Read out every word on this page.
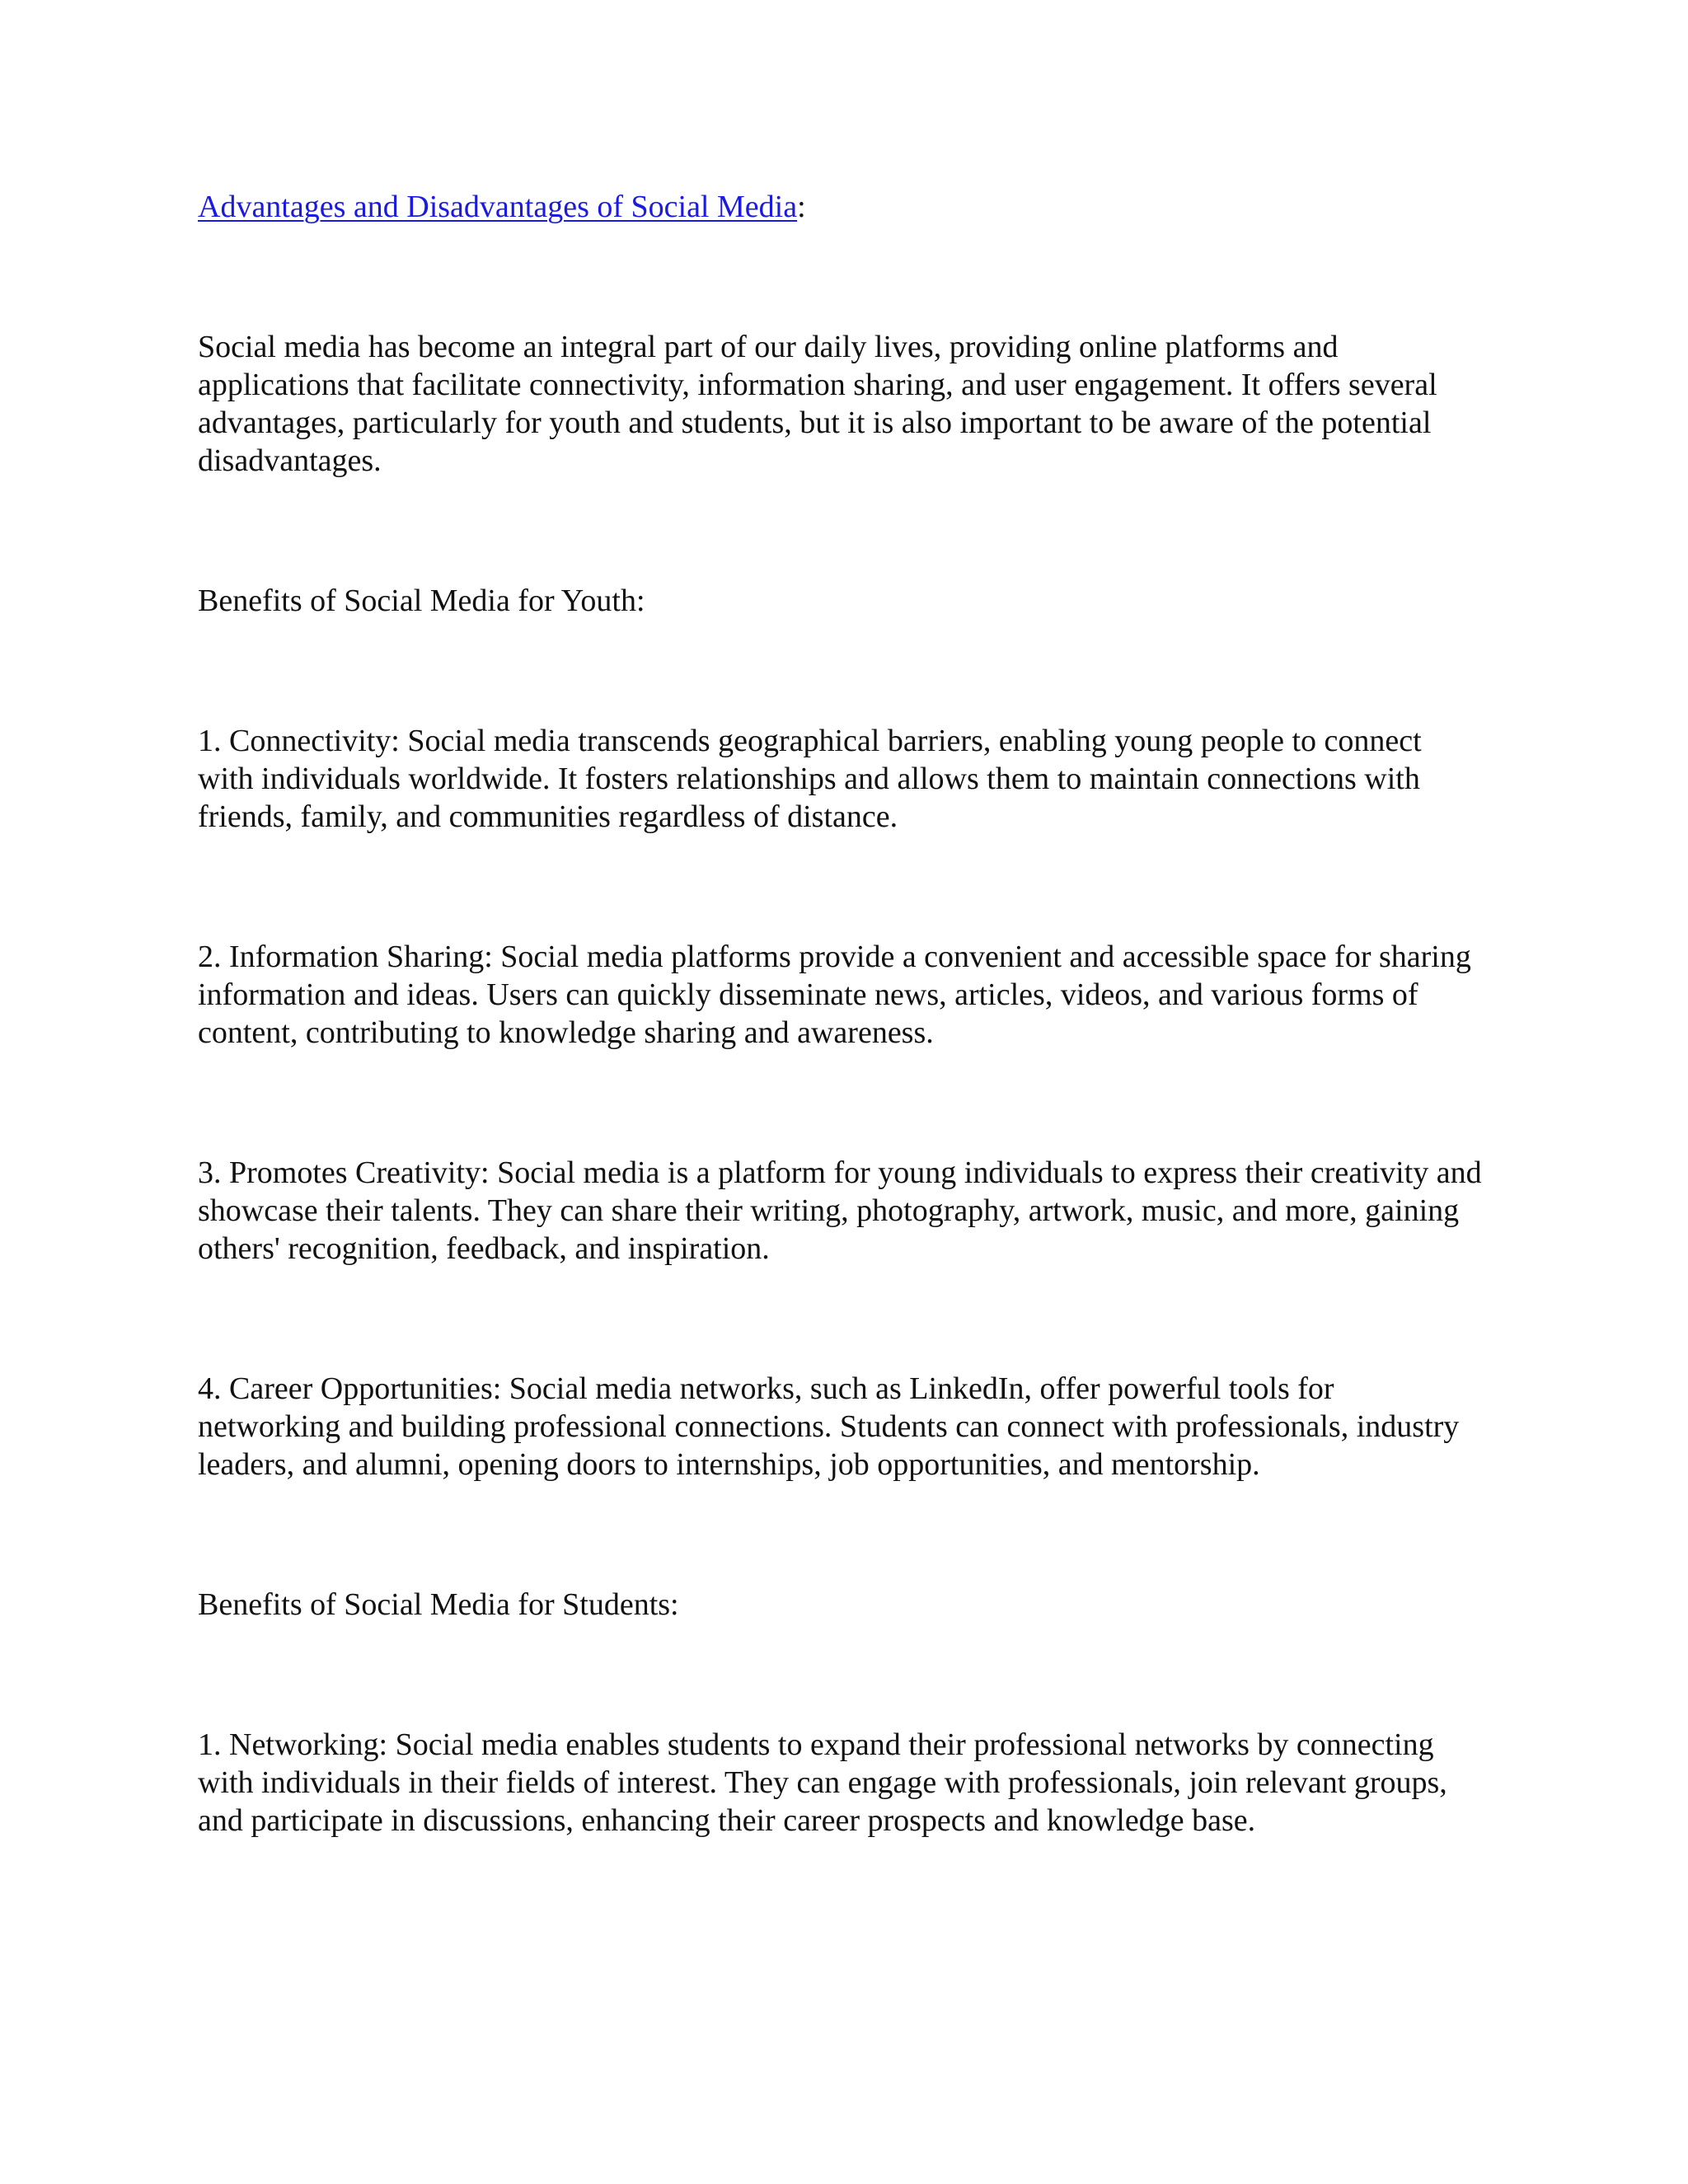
Advantages and Disadvantages of Social Media:

Social media has become an integral part of our daily lives, providing online platforms and applications that facilitate connectivity, information sharing, and user engagement. It offers several advantages, particularly for youth and students, but it is also important to be aware of the potential disadvantages.

Benefits of Social Media for Youth:

1. Connectivity: Social media transcends geographical barriers, enabling young people to connect with individuals worldwide. It fosters relationships and allows them to maintain connections with friends, family, and communities regardless of distance.

2. Information Sharing: Social media platforms provide a convenient and accessible space for sharing information and ideas. Users can quickly disseminate news, articles, videos, and various forms of content, contributing to knowledge sharing and awareness.

3. Promotes Creativity: Social media is a platform for young individuals to express their creativity and showcase their talents. They can share their writing, photography, artwork, music, and more, gaining others' recognition, feedback, and inspiration.

4. Career Opportunities: Social media networks, such as LinkedIn, offer powerful tools for networking and building professional connections. Students can connect with professionals, industry leaders, and alumni, opening doors to internships, job opportunities, and mentorship.

Benefits of Social Media for Students:

1. Networking: Social media enables students to expand their professional networks by connecting with individuals in their fields of interest. They can engage with professionals, join relevant groups, and participate in discussions, enhancing their career prospects and knowledge base.
